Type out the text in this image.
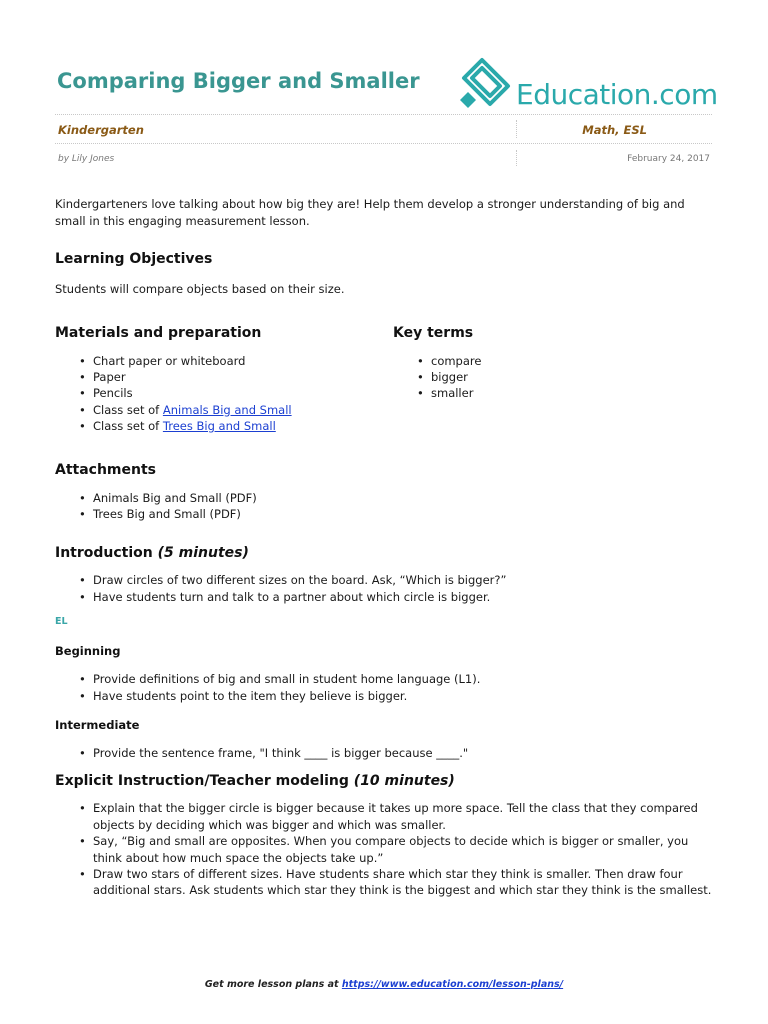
Comparing Bigger and Smaller	Education.com
Kindergarten	Math, ESL
by Lily Jones	February 24, 2017

Kindergarteners love talking about how big they are! Help them develop a stronger understanding of big and small in this engaging measurement lesson.

Learning Objectives

Students will compare objects based on their size.

Materials and preparation
• Chart paper or whiteboard
• Paper
• Pencils
• Class set of Animals Big and Small
• Class set of Trees Big and Small
Key terms
• compare
• bigger
• smaller
Attachments
• Animals Big and Small (PDF)
• Trees Big and Small (PDF)
Introduction (5 minutes)
• Draw circles of two different sizes on the board. Ask, “Which is bigger?”
• Have students turn and talk to a partner about which circle is bigger.
EL
Beginning
• Provide definitions of big and small in student home language (L1).
• Have students point to the item they believe is bigger.
Intermediate
• Provide the sentence frame, "I think ____ is bigger because ____."
Explicit Instruction/Teacher modeling (10 minutes)
• Explain that the bigger circle is bigger because it takes up more space. Tell the class that they compared objects by deciding which was bigger and which was smaller.
• Say, “Big and small are opposites. When you compare objects to decide which is bigger or smaller, you think about how much space the objects take up.”
• Draw two stars of different sizes. Have students share which star they think is smaller. Then draw four additional stars. Ask students which star they think is the biggest and which star they think is the smallest.
Get more lesson plans at https://www.education.com/lesson-plans/
